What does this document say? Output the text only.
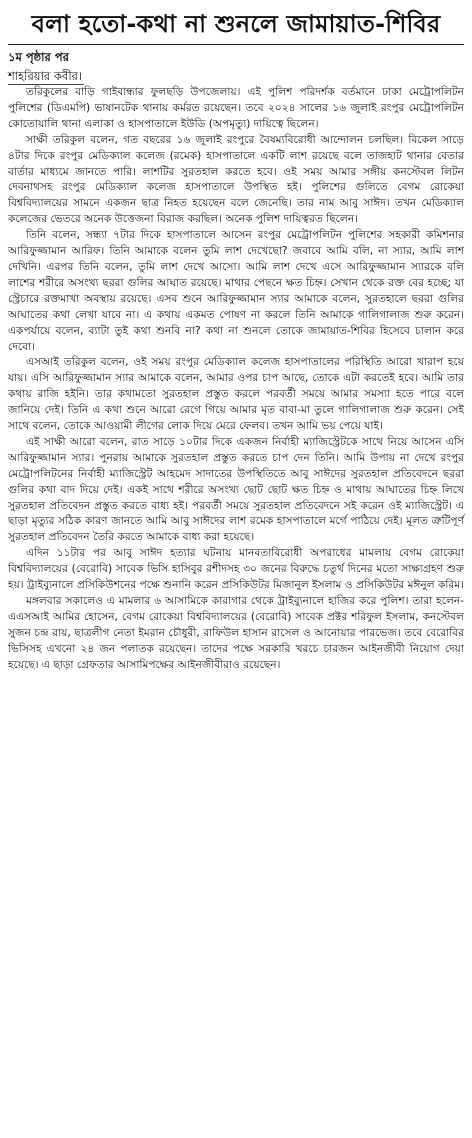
বলা হতো-কথা না শুনলে জামায়াত-শিবির

১ম পৃষ্ঠার পর

শাহরিয়ার কবীর।

তরিকুলের বাড়ি গাইবান্ধার ফুলছড়ি উপজেলায়। এই পুলিশ পরিদর্শক বর্তমানে ঢাকা মেট্রোপলিটন পুলিশের (ডিএমপি) ভাষানটেক থানায় কর্মরত রয়েছেন। তবে ২০২৪ সালের ১৬ জুলাই রংপুর মেট্রোপলিটন কোতোয়ালি থানা এলাকা ও হাসপাতালে ইউডি (অপমৃত্যু) দায়িত্বে ছিলেন।

সাক্ষী তরিকুল বলেন, গত বছরের ১৬ জুলাই রংপুরে বৈষম্যবিরোধী আন্দোলন চলছিল। বিকেল সাড়ে ৪টার দিকে রংপুর মেডিক্যাল কলেজ (রমেক) হাসপাতালে একটি লাশ রয়েছে বলে তাজহাট থানার বেতার বার্তার মাধ্যমে জানতে পারি। লাশটির সুরতহাল করতে হবে। ওই সময় আমার সঙ্গীয় কনস্টেবল লিটন দেবনাথসহ রংপুর মেডিক্যাল কলেজ হাসপাতালে উপস্থিত হই। পুলিশের গুলিতে বেগম রোকেয়া বিশ্ববিদ্যালয়ের সামনে একজন ছাত্র নিহত হয়েছেন বলে জেনেছি। তার নাম আবু সাঈদ। তখন মেডিক্যাল কলেজের ভেতরে অনেক উত্তেজনা বিরাজ করছিল। অনেক পুলিশ দায়িত্বরত ছিলেন।

তিনি বলেন, সন্ধ্যা ৭টার দিকে হাসপাতালে আসেন রংপুর মেট্রোপলিটন পুলিশের সহকারী কমিশনার আরিফুজ্জামান আরিফ। তিনি আমাকে বলেন তুমি লাশ দেখেছো? জবাবে আমি বলি, না স্যার, আমি লাশ দেখিনি। এরপর তিনি বলেন, তুমি লাশ দেখে আসো। আমি লাশ দেখে এসে আরিফুজ্জামান স্যারকে বলি লাশের শরীরে অসংখ্য ছররা গুলির আঘাত রয়েছে। মাথার পেছনে ক্ষত চিহ্ন। সেখান থেকে রক্ত বের হচ্ছে; যা স্ট্রেচারে রক্তমাখা অবস্থায় রয়েছে। এসব শুনে আরিফুজ্জামান স্যার আমাকে বলেন, সুরতহালে ছররা গুলির আঘাতের কথা লেখা যাবে না। এ কথায় একমত পোষণ না করলে তিনি আমাকে গালিগালাজ শুরু করেন। একপর্যায়ে বলেন, ব্যাটা তুই কথা শুনবি না? কথা না শুনলে তোকে জামায়াত-শিবির হিসেবে চালান করে দেবো।

এসআই তরিকুল বলেন, ওই সময় রংপুর মেডিক্যাল কলেজ হাসপাতালের পরিস্থিতি আরো খারাপ হয়ে যায়। এসি আরিফুজ্জামান স্যার আমাকে বলেন, আমার ওপর চাপ আছে, তোকে এটা করতেই হবে। আমি তার কথায় রাজি হইনি। তার কথামতো সুরতহাল প্রস্তুত করলে পরবর্তী সময়ে আমার সমস্যা হতে পারে বলে জানিয়ে দেই। তিনি এ কথা শুনে আরো রেগে গিয়ে আমার মৃত বাবা-মা তুলে গালিগালাজ শুরু করেন। সেই সাথে বলেন, তোকে আওয়ামী লীগের লোক দিয়ে মেরে ফেলব। তখন আমি ভয় পেয়ে যাই।

এই সাক্ষী আরো বলেন, রাত সাড়ে ১০টার দিকে একজন নির্বাহী ম্যাজিস্ট্রেটকে সাথে নিয়ে আসেন এসি আরিফুজ্জামান স্যার। পুনরায় আমাকে সুরতহাল প্রস্তুত করতে চাপ দেন তিনি। আমি উপায় না দেখে রংপুর মেট্রোপলিটনের নির্বাহী ম্যাজিস্ট্রেট আহমেদ সাদাতের উপস্থিতিতে আবু সাঈদের সুরতহাল প্রতিবেদনে ছররা গুলির কথা বাদ দিয়ে দেই। একই সাথে শরীরে অসংখ্য ছোট ছোট ক্ষত চিহ্ন ও মাথায় আঘাতের চিহ্ন লিখে সুরতহাল প্রতিবেদন প্রস্তুত করতে বাধ্য হই। পরবর্তী সময়ে সুরতহাল প্রতিবেদনে সই করেন ওই ম্যাজিস্ট্রেট। এ ছাড়া মৃত্যুর সঠিক কারণ জানতে আমি আবু সাঈদের লাশ রমেক হাসপাতালে মর্গে পাঠিয়ে দেই। মূলত ত্রুটিপূর্ণ সুরতহাল প্রতিবেদন তৈরি করতে আমাকে বাধ্য করা হয়েছে।

এদিন ১১টার পর আবু সাঈদ হত্যার ঘটনায় মানবতাবিরোধী অপরাধের মামলায় বেগম রোকেয়া বিশ্ববিদ্যালয়ের (বেরোবি) সাবেক ভিসি হাসিবুর রশীদসহ ৩০ জনের বিরুদ্ধে চতুর্থ দিনের মতো সাক্ষ্যগ্রহণ শুরু হয়। ট্রাইব্যুনালে প্রসিকিউশনের পক্ষে শুনানি করেন প্রসিকিউটর মিজানুল ইসলাম ও প্রসিকিউটর মঈনুল করিম।

মঙ্গলবার সকালেও এ মামলার ৬ আসামিকে কারাগার থেকে ট্রাইব্যুনালে হাজির করে পুলিশ। তারা হলেন- এএসআই আমির হোসেন, বেগম রোকেয়া বিশ্ববিদ্যালয়ের (বেরোবি) সাবেক প্রক্টর শরিফুল ইসলাম, কনস্টেবল সুজন চন্দ্র রায়, ছাত্রলীগ নেতা ইমরান চৌধুরী, রাফিউল হাসান রাসেল ও আনোয়ার পারভেজ। তবে বেরোবির ভিসিসহ এখনো ২৪ জন পলাতক রয়েছেন। তাদের পক্ষে সরকারি খরচে চারজন আইনজীবী নিয়োগ দেয়া হয়েছে। এ ছাড়া গ্রেফতার আসামিপক্ষের আইনজীবীরাও রয়েছেন।
